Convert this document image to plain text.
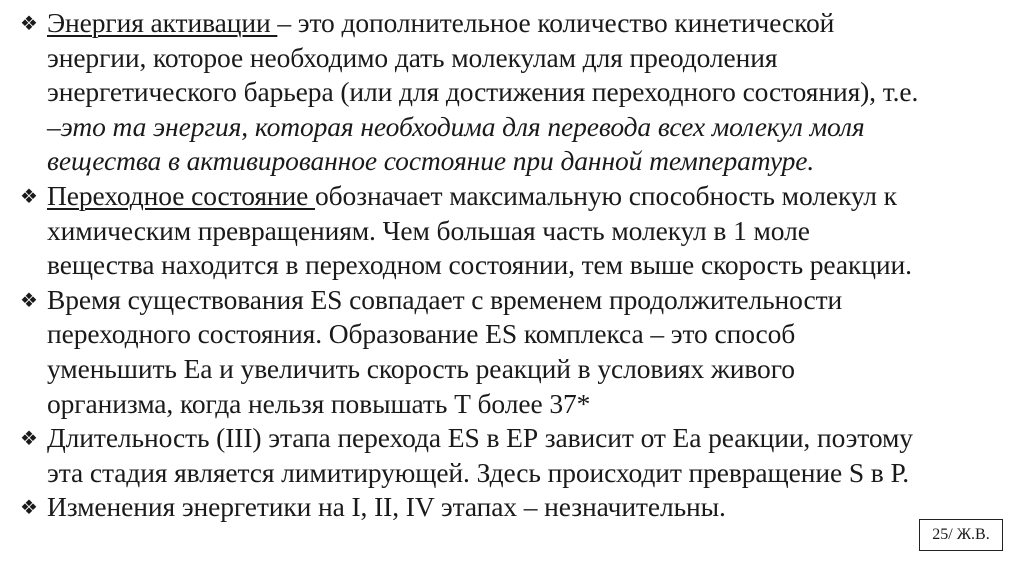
❖ Энергия активации – это дополнительное количество кинетической
энергии, которое необходимо дать молекулам для преодоления
энергетического барьера (или для достижения переходного состояния), т.е.
–это та энергия, которая необходима для перевода всех молекул моля
вещества в активированное состояние при данной температуре.
❖ Переходное состояние обозначает максимальную способность молекул к
химическим превращениям. Чем большая часть молекул в 1 моле
вещества находится в переходном состоянии, тем выше скорость реакции.
❖ Время существования ES совпадает с временем продолжительности
переходного состояния. Образование ES комплекса – это способ
уменьшить Еа и увеличить скорость реакций в условиях живого
организма, когда нельзя повышать Т более 37*
❖ Длительность (III) этапа перехода ES в ЕР зависит от Еа реакции, поэтому
эта стадия является лимитирующей. Здесь происходит превращение S в Р.
❖ Изменения энергетики на I, II, IV этапах – незначительны.
25/ Ж.В.
